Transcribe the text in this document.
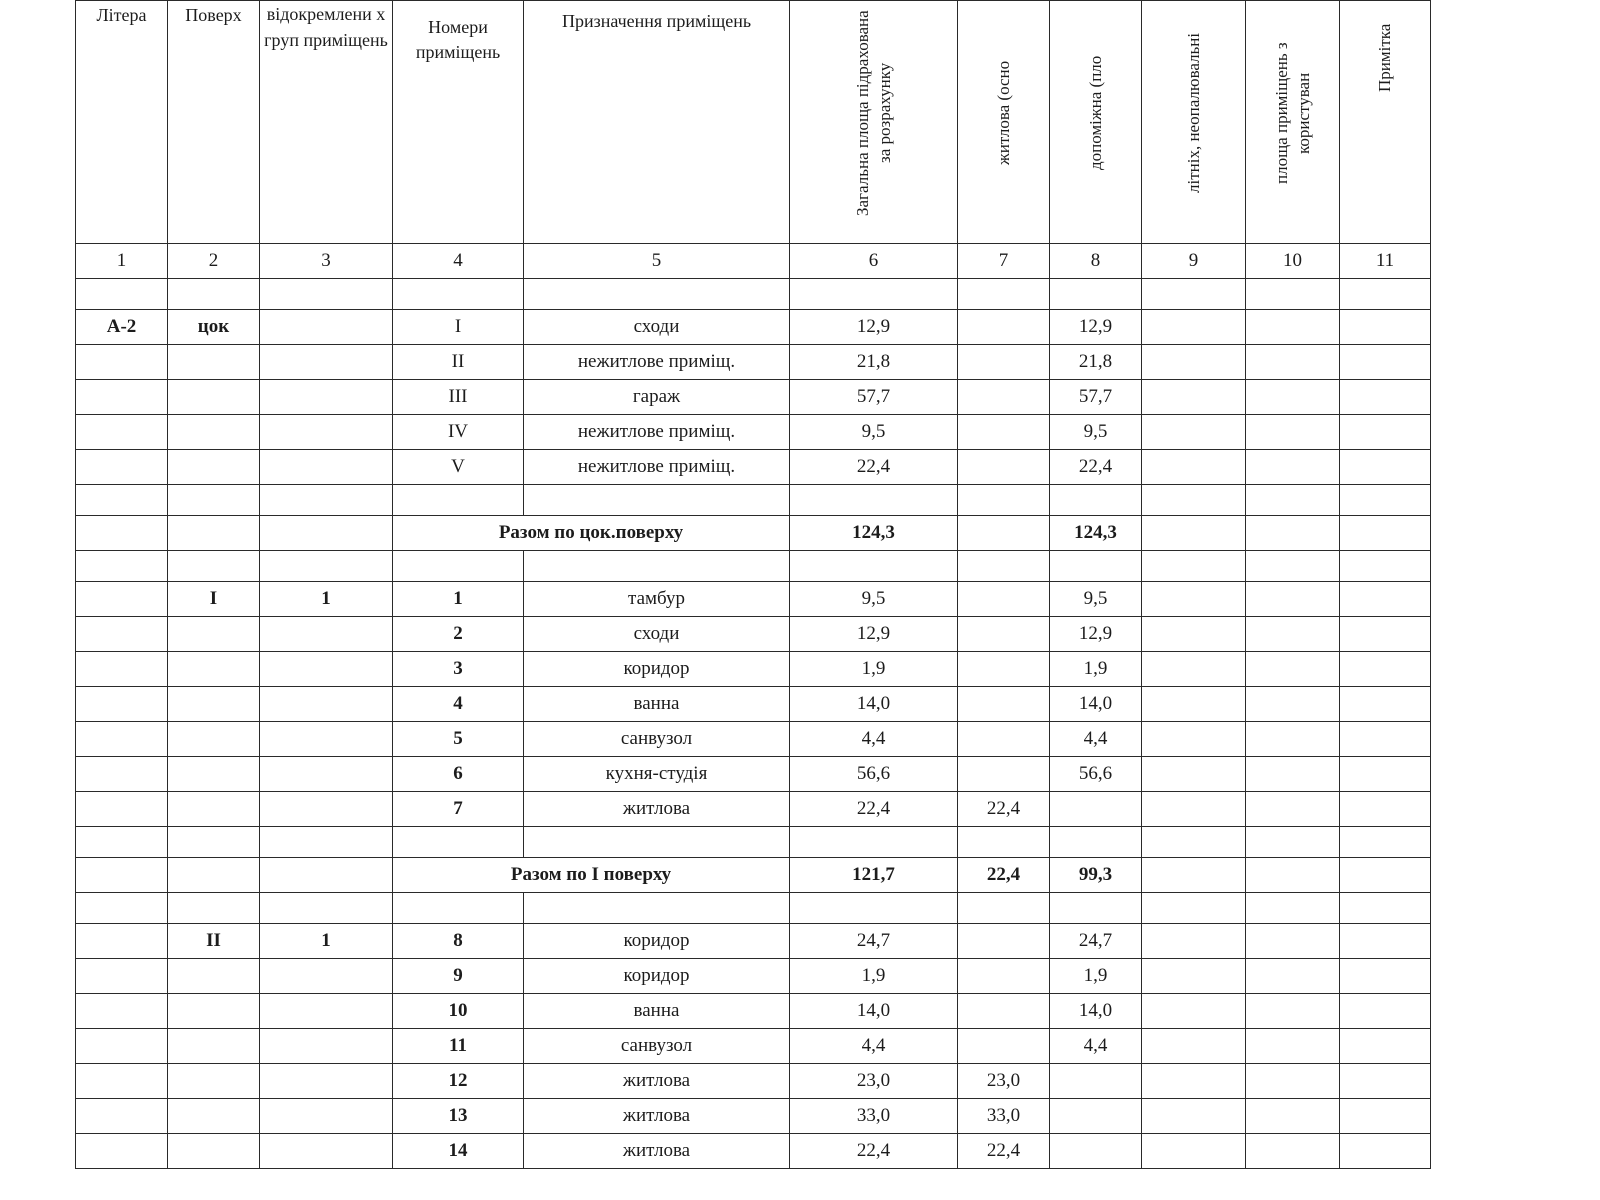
Літера	Поверх	відокремлени х груп приміщень	Номери приміщень	Призначення приміщень	Загальна площа підрахована за розрахунку	житлова (осно	допоміжна (пло	літніх, неопалювальні	площа приміщень з користуван	Примітка
1	2	3	4	5	6	7	8	9	10	11

А-2	цок		I	сходи	12,9		12,9			
			II	нежитлове приміщ.	21,8		21,8			
			III	гараж	57,7		57,7			
			IV	нежитлове приміщ.	9,5		9,5			
			V	нежитлове приміщ.	22,4		22,4			

			Разом по цок.поверху		124,3		124,3			

	I	1	1	тамбур	9,5		9,5			
			2	сходи	12,9		12,9			
			3	коридор	1,9		1,9			
			4	ванна	14,0		14,0			
			5	санвузол	4,4		4,4			
			6	кухня-студія	56,6		56,6			
			7	житлова	22,4	22,4				

			Разом по I поверху		121,7	22,4	99,3			

	II	1	8	коридор	24,7		24,7			
			9	коридор	1,9		1,9			
			10	ванна	14,0		14,0			
			11	санвузол	4,4		4,4			
			12	житлова	23,0	23,0				
			13	житлова	33,0	33,0				
			14	житлова	22,4	22,4				
